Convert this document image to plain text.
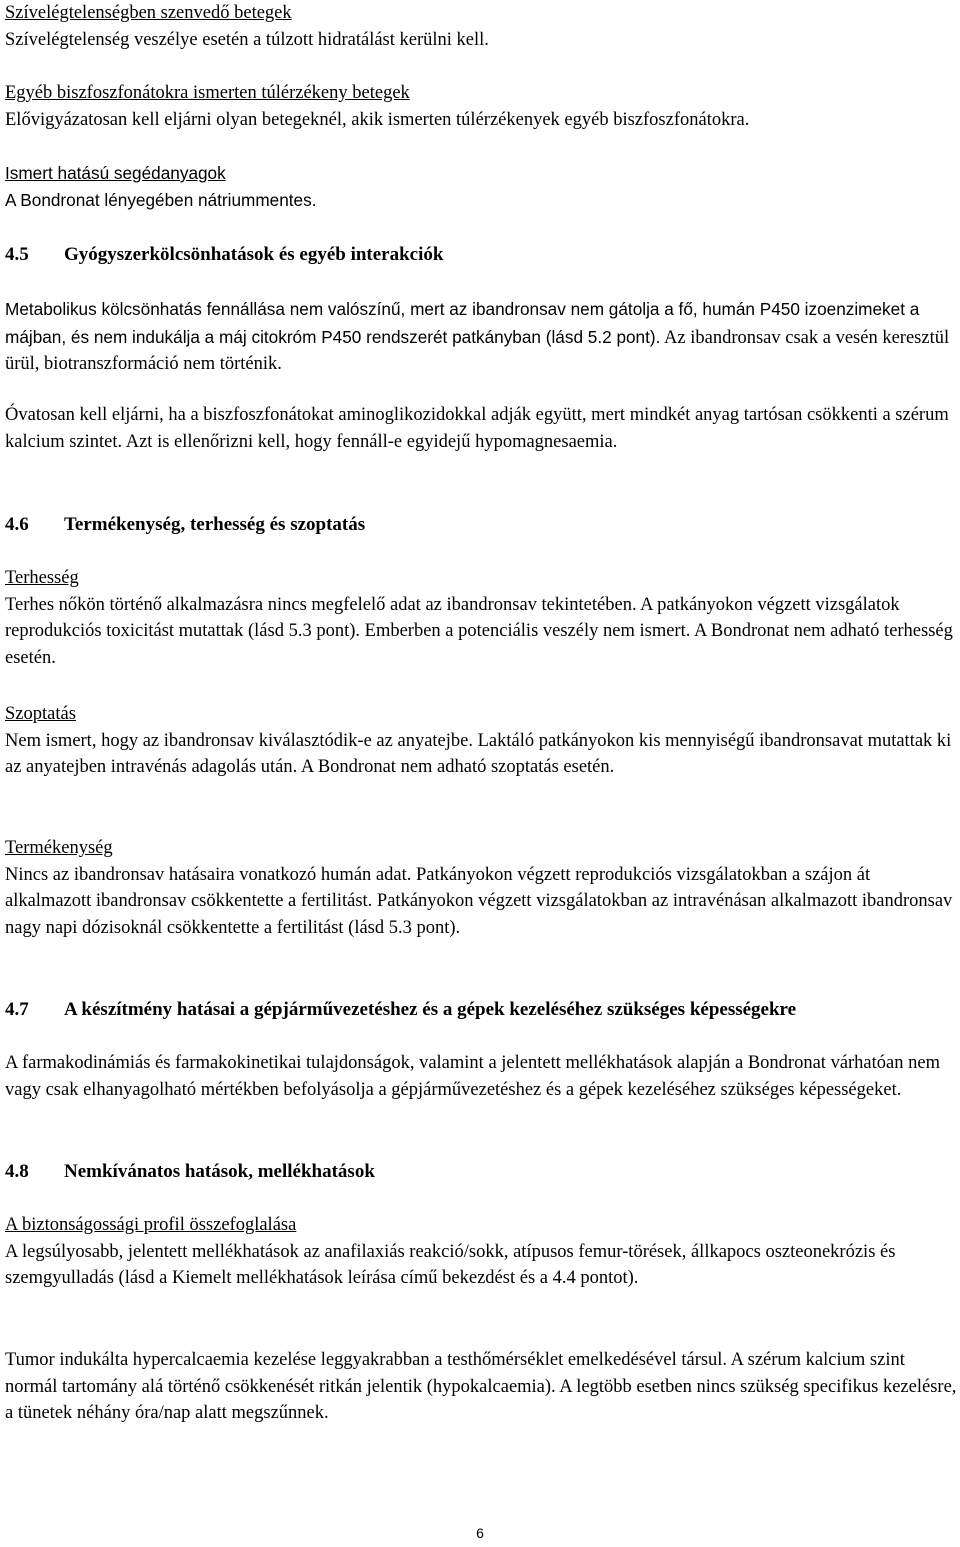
Szívelégtelenségben szenvedő betegek
Szívelégtelenség veszélye esetén a túlzott hidratálást kerülni kell.
Egyéb biszfoszfonátokra ismerten túlérzékeny betegek
Elővigyázatosan kell eljárni olyan betegeknél, akik ismerten túlérzékenyek egyéb biszfoszfonátokra.
Ismert hatású segédanyagok
A Bondronat lényegében nátriummentes.
4.5 Gyógyszerkölcsönhatások és egyéb interakciók
Metabolikus kölcsönhatás fennállása nem valószínű, mert az ibandronsav nem gátolja a fő, humán P450 izoenzimeket a májban, és nem indukálja a máj citokróm P450 rendszerét patkányban (lásd 5.2 pont). Az ibandronsav csak a vesén keresztül ürül, biotranszformáció nem történik.
Óvatosan kell eljárni, ha a biszfoszfonátokat aminoglikozidokkal adják együtt, mert mindkét anyag tartósan csökkenti a szérum kalcium szintet. Azt is ellenőrizni kell, hogy fennáll-e egyidejű hypomagnesaemia.
4.6 Termékenység, terhesség és szoptatás
Terhesség
Terhes nőkön történő alkalmazásra nincs megfelelő adat az ibandronsav tekintetében. A patkányokon végzett vizsgálatok reprodukciós toxicitást mutattak (lásd 5.3 pont). Emberben a potenciális veszély nem ismert. A Bondronat nem adható terhesség esetén.
Szoptatás
Nem ismert, hogy az ibandronsav kiválasztódik-e az anyatejbe. Laktáló patkányokon kis mennyiségű ibandronsavat mutattak ki az anyatejben intravénás adagolás után. A Bondronat nem adható szoptatás esetén.
Termékenység
Nincs az ibandronsav hatásaira vonatkozó humán adat. Patkányokon végzett reprodukciós vizsgálatokban a szájon át alkalmazott ibandronsav csökkentette a fertilitást. Patkányokon végzett vizsgálatokban az intravénásan alkalmazott ibandronsav nagy napi dózisoknál csökkentette a fertilitást (lásd 5.3 pont).
4.7 A készítmény hatásai a gépjárművezetéshez és a gépek kezeléséhez szükséges képességekre
A farmakodinámiás és farmakokinetikai tulajdonságok, valamint a jelentett mellékhatások alapján a Bondronat várhatóan nem vagy csak elhanyagolható mértékben befolyásolja a gépjárművezetéshez és a gépek kezeléséhez szükséges képességeket.
4.8 Nemkívánatos hatások, mellékhatások
A biztonságossági profil összefoglalása
A legsúlyosabb, jelentett mellékhatások az anafilaxiás reakció/sokk, atípusos femur-törések, állkapocs oszteonekrózis és szemgyulladás (lásd a Kiemelt mellékhatások leírása című bekezdést és a 4.4 pontot).
Tumor indukálta hypercalcaemia kezelése leggyakrabban a testhőmérséklet emelkedésével társul. A szérum kalcium szint normál tartomány alá történő csökkenését ritkán jelentik (hypokalcaemia). A legtöbb esetben nincs szükség specifikus kezelésre, a tünetek néhány óra/nap alatt megszűnnek.
6
